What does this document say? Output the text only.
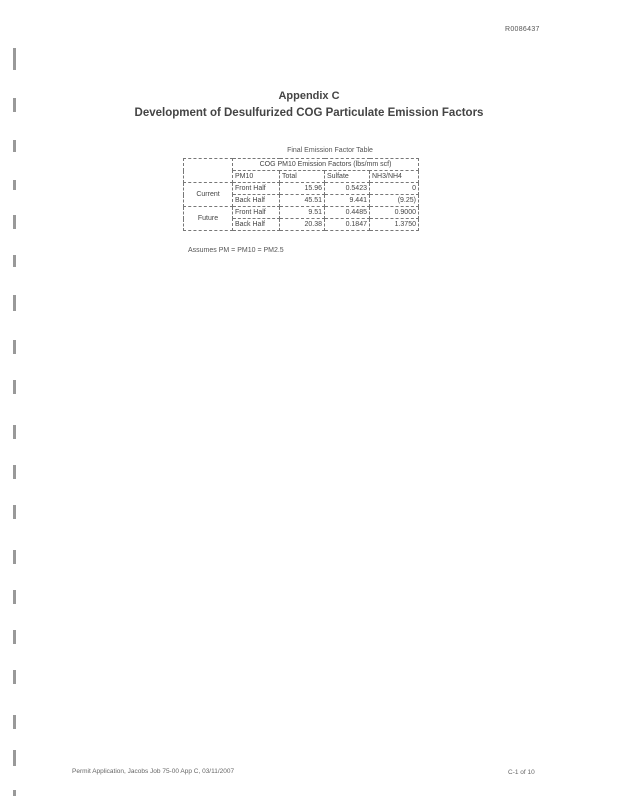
R0086437
Appendix C
Development of Desulfurized COG Particulate Emission Factors
Final Emission Factor Table
	COG PM10 Emission Factors (lbs/mm scf)			
	PM10	Total	Sulfate	NH3/NH4
Current	Front Half	15.96	0.5423	0
	Back Half	45.51	9.441	(9.25)
Future	Front Half	9.51	0.4485	0.9000
	Back Half	20.38	0.1847	1.3750
Assumes PM = PM10 = PM2.5
Permit Application, Jacobs Job 75-00 App C, 03/11/2007	C-1 of 10
